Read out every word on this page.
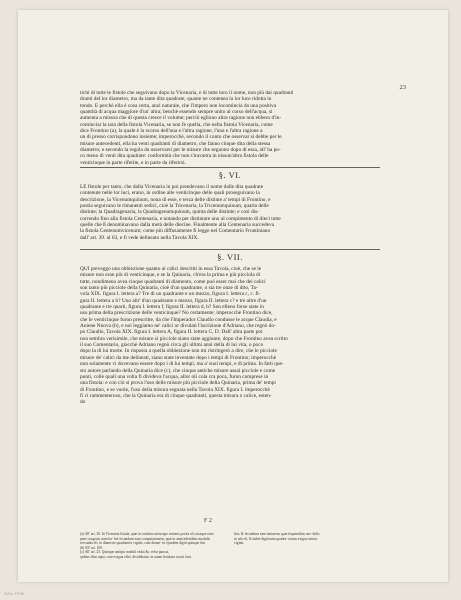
23
tichi di tutte le fistole che seguivano dopo la Vicenaria, e di tutte loro il nome, non più dai quadranti
drantì del lor diametro, ma da tante dita quadrate, quante ne contenea la lor luce ridotta in
tondo. E perchè ella è cosa certa, anzi naturale, che l'impero non incomincia da una positiva
quantità di acqua maggiore d'un' altra; benchè essendo sempre unito al corso dell'acqua, si
aumenta a misura che di questa cresce il volume; perciò egliono altra ragione non ebbero d'in-
cominciar la tara della fistola Vicenaria, se non fe quella, che nella fistola Vicenaria, come
dice Frontino (a), la quale è la scorso dell'una e l'altra ragione, l'una e l'altra ragione a
un di presso corrispondono insieme; imperocchè, secondo il conto che osservar si debbe per le
misure antecedenti, ella ha venti quadranti di diametro, che fanno cinque dita della stessa
diametro; e secondo la regola da osservarsi per le misure che seguono dopo di essa, all' ha po-
co meno di venti dita quadrate: conformità che non s'incontra in nissun'altra fistola delle
venticinque in parte riferite, e in parte da riferirsi.
§. VI.
LE fistole per tanto, che dalla Vicenaria in poi prendevano il nome dalle dita quadrate
contenute nelle lor luci, erano, in ordine alle venticinque delle quali proseguivano la
descrizione, la Vicenumquinum, nona di esse, e terza delle distinte a' tempi di Frontino, e
postia seguivano le rimanenti sedici, cioè la Tricenaria, la Tricenumquinum, quarta delle
distinte; la Quadragenaria, la Quadragenumquinum, quinta delle distinte; e così dis-
correndo fino alla fistola Centenaria, e notando per distintare uno al compimento di dieci tutte
quelle che ß denominavano dalla metà delle diecine. Finalmente alla Centenaria succedeva
la fistola Centenumvicenum; come più diffusamente fi legge nel Comentario Frontiniano
dall' art. 39. al 63, e fi vede delineato nella Tavola XIX.
§. VII.
QUI preveggo una obbiezione quanto ai calici descritti in essa Tavola, cioè, che se le
misure non eran più di venticinque, e se la Quinaria, ch'era la prima e più picciola di
tutte, nondimeno avea cinque quadranti di diamento, come può esser mai che dei calici
son tanto più picciole della Quinaria, cioè d'un quadrante, o sia tre onze di dito, Ta-
vola XIX. figura I. lettera a? Tre di un quadrante e un mezzo, figura I. lettera c, c. fi-
gura II. lettera a b? Uno altr' d'un quadrante e mezzo, figura II. lettera c? e tre altre d'un
quadrante e tre quarti, figura I. lettera f, figura II. lettera d, b? Son elleno forse state in
uso prima della prescrizione delle venticinque? No certamente; imperocchè Frontino dice,
che le venticinque furon prescritte, da che l'Imperador Claudio condusse le acque Claudia, e
Aniene Nuova (b), e noi leggiamo ne' calici or divulati l'iscrizione d'Adriano, che regnò do-
po Claudio, Tavola XIX. figura I. lettera A, figura II. lettera C, D. Dall' altra parte poi
non sembra verisimile, che misure sì picciole siano state aggiunte, dopo che Frontino avea scritto
il suo Comentario, giacchè Adriano regnò circa gli ultimi anni della di lui vita, o poco
dopo la di lui morte. In risposta a quella obbiezione non mi ristringerò a dire, che le picciole
misure de' calici da me delineati, siano state inventate dopo i tempi di Frontino; imperocchè
non solamente vi dovevano essere dopo i di lui tempi, ma a' suoi tempi, e di prima. In fatti que-
sto autore parlando della Quinaria dice (c), che cinque antiche misure assai picciole e come
punti, colle quali una volta fi divideva l'acqua, allor oli cola cra poca, furon comprese in
una fistola: e con ciò si prova l'uso delle misure più picciole della Quinaria, prima de' tempi
di Frontino, e se vuole, l'uso della misura segnata nella Tavola XIX. figura I. imperocchè
fi ci rammenteroso, che la Quinaria era di cinque quadranti, questa misura o calice, esten-
do
F 2
(a) All' art. 30. In Vicenaria fistula, quæ in confinio utriusque rationis posita eft, utraque ratio
pene congruit, nam ha- bet fecundum eam computationem, quæ in antecedentibus modulis
servanda eft, in diametro quadrantes viginti, cum diame- tri ejusdem digiti quinque fint
(b) All' art. 109.
(c) All' art. 25. Quinque antiqui moduli eiska &c velut puncta,
quibus olim aqua, cum exigua effet, dividebatur, in unam fistulam coacti funt.
fint; & fecundum eam rationem, quæ fequentibus mo- dulis
in ufu eft, & habet digitorum quadra- torum exiguo minus
viginti.
Arlex 19.66
